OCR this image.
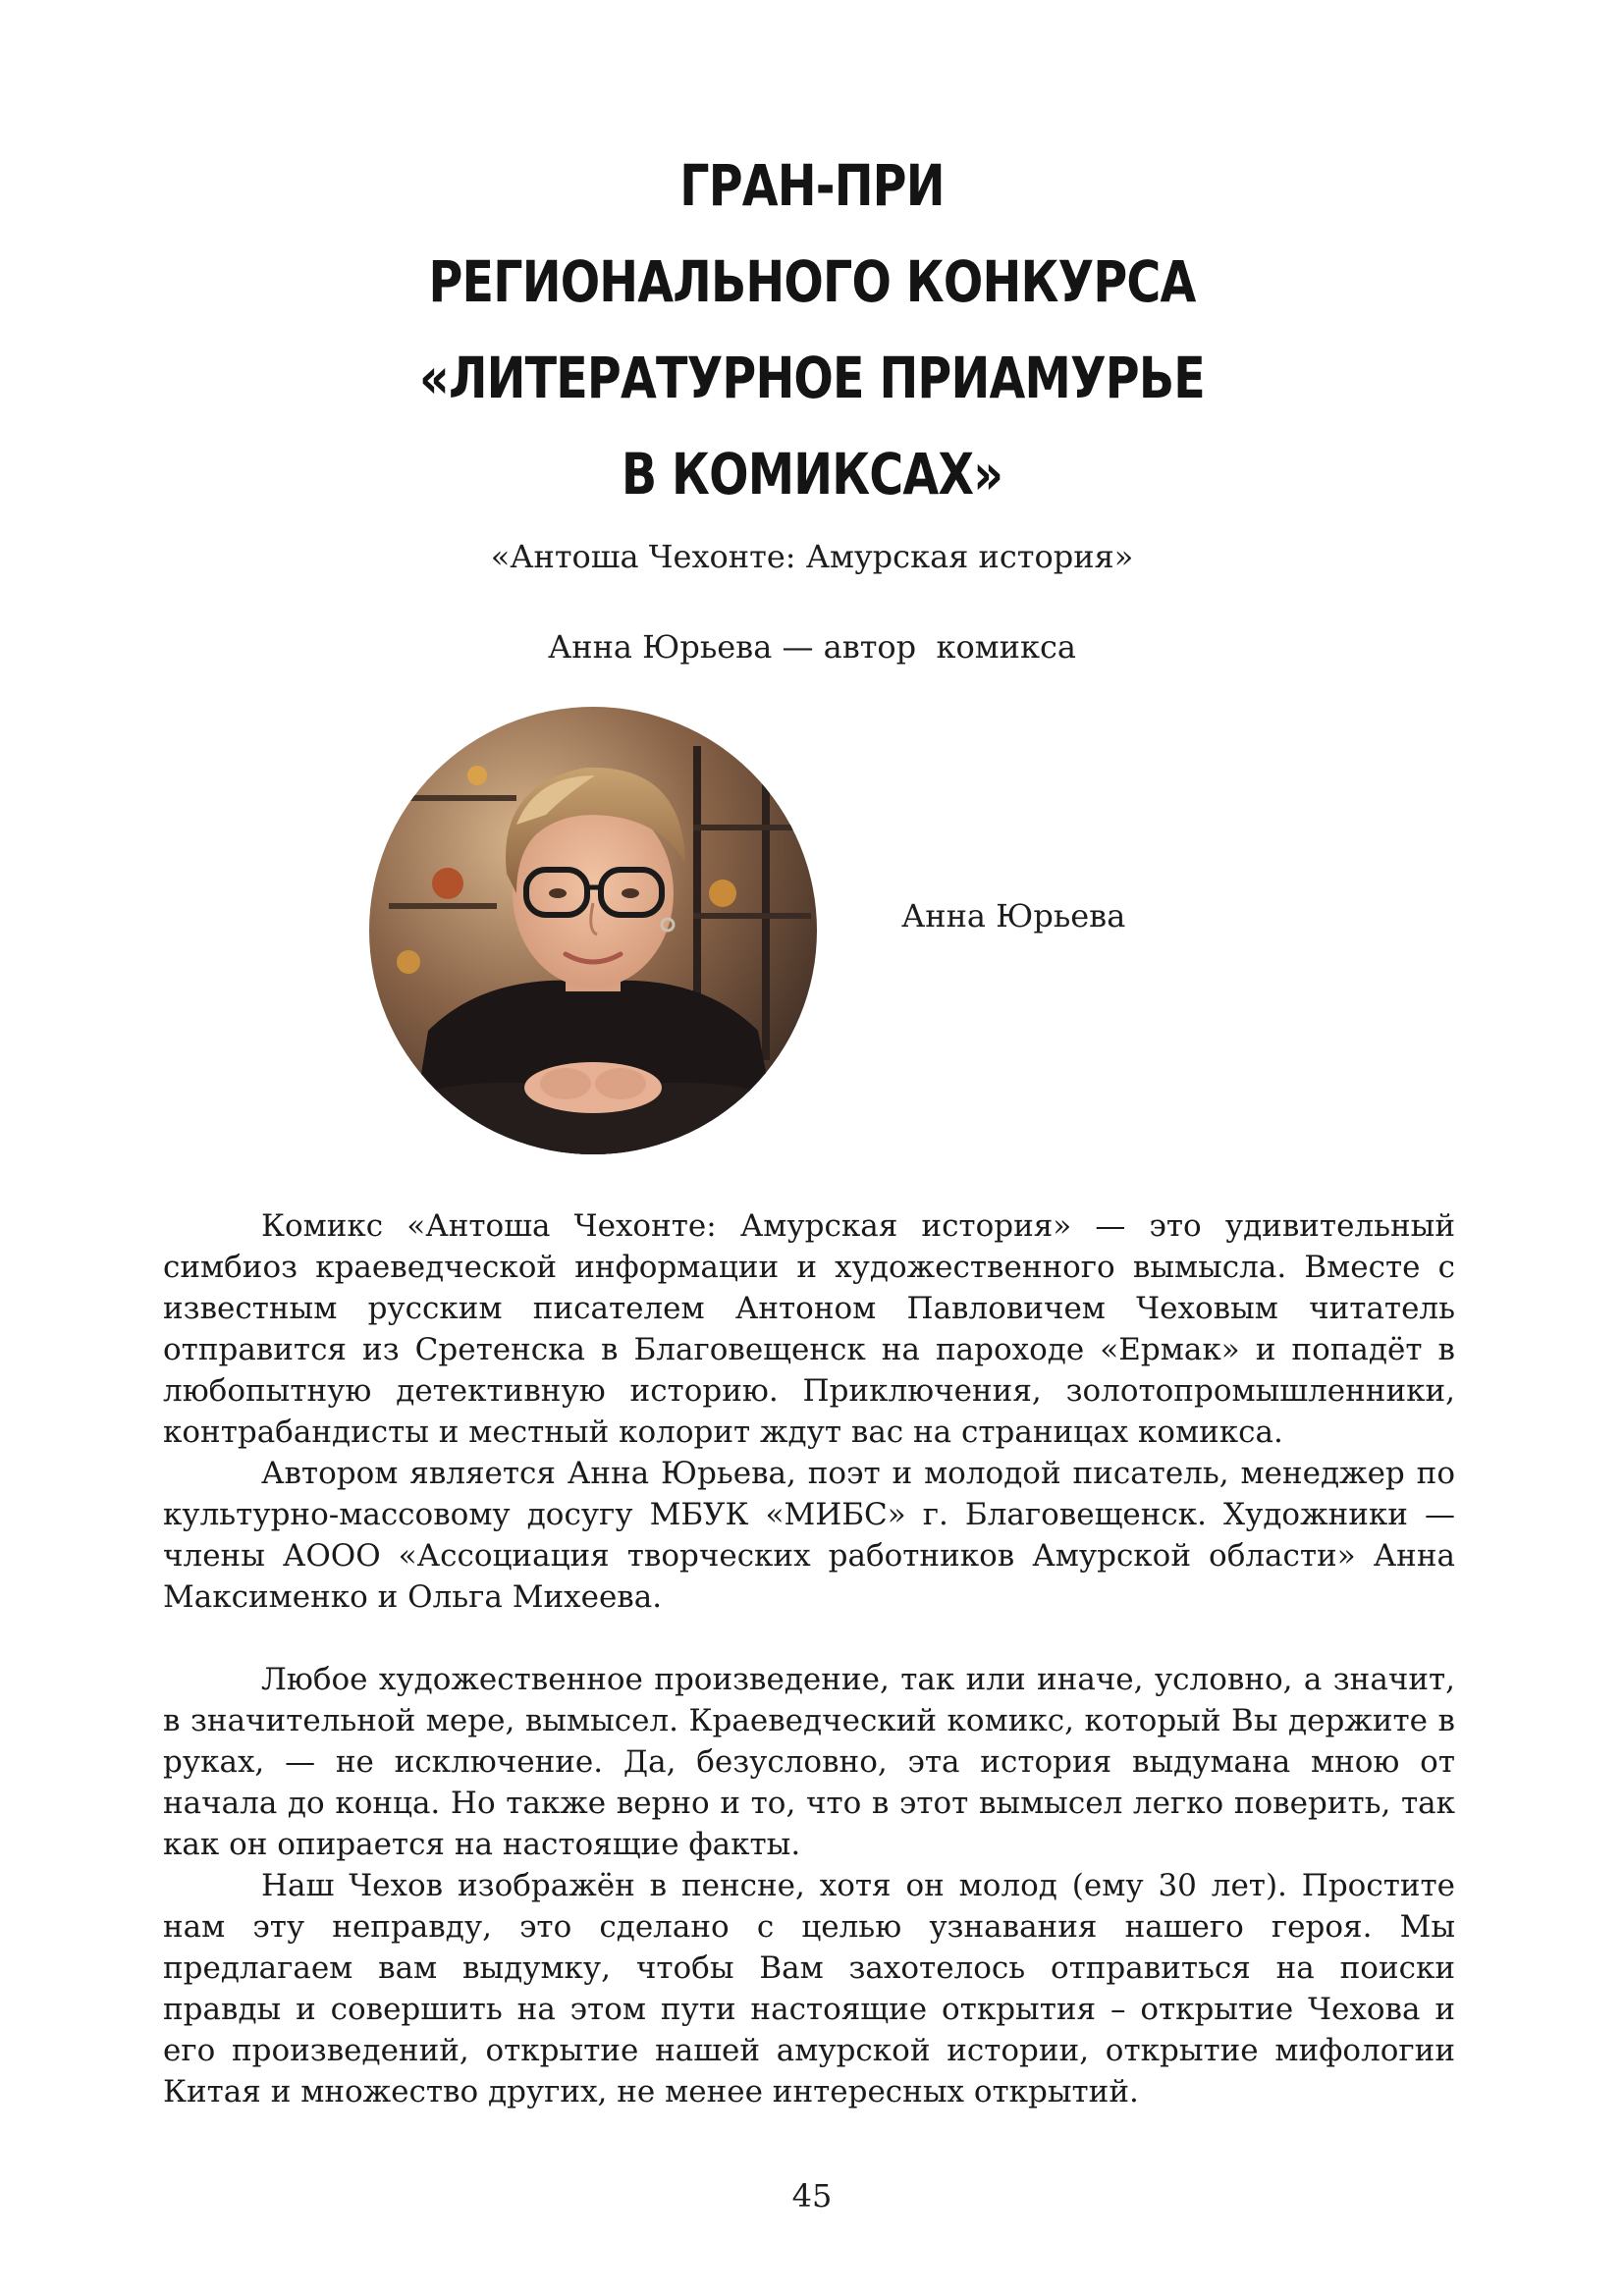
ГРАН-ПРИ
РЕГИОНАЛЬНОГО КОНКУРСА
«ЛИТЕРАТУРНОЕ ПРИАМУРЬЕ
В КОМИКСАХ»
«Антоша Чехонте: Амурская история»
Анна Юрьева — автор  комикса
Анна Юрьева

Комикс «Антоша Чехонте: Амурская история» — это удивительный симбиоз краеведческой информации и художественного вымысла. Вместе с известным русским писателем Антоном Павловичем Чеховым читатель отправится из Сретенска в Благовещенск на пароходе «Ермак» и попадёт в любопытную детективную историю. Приключения, золотопромышленники, контрабандисты и местный колорит ждут вас на страницах комикса.

Автором является Анна Юрьева, поэт и молодой писатель, менеджер по культурно-массовому досугу МБУК «МИБС» г. Благовещенск. Художники — члены АООО «Ассоциация творческих работников Амурской области» Анна Максименко и Ольга Михеева.

Любое художественное произведение, так или иначе, условно, а значит, в значительной мере, вымысел. Краеведческий комикс, который Вы держите в руках, — не исключение. Да, безусловно, эта история выдумана мною от начала до конца. Но также верно и то, что в этот вымысел легко поверить, так как он опирается на настоящие факты.

Наш Чехов изображён в пенсне, хотя он молод (ему 30 лет). Простите нам эту неправду, это сделано с целью узнавания нашего героя. Мы предлагаем вам выдумку, чтобы Вам захотелось отправиться на поиски правды и совершить на этом пути настоящие открытия – открытие Чехова и его произведений, открытие нашей амурской истории, открытие мифологии Китая и множество других, не менее интересных открытий.

45
